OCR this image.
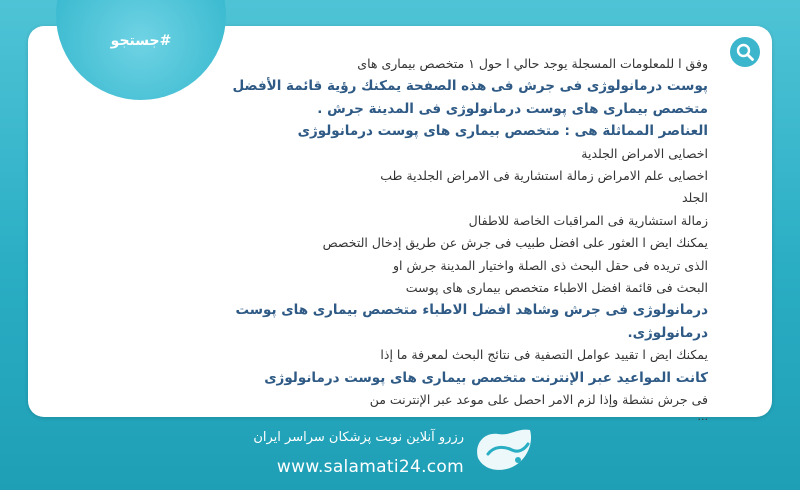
#جستجو
وفق ا للمعلومات المسجلة يوجد حالي ا حول ١ متخصص بيماری های
پوست درمانولوژی فی جرش فی هذه الصفحة يمكنك رؤية قائمة الأفضل
متخصص بيماری های پوست درمانولوژی فی المدينة جرش .
العناصر المماثلة هی : متخصص بيماری های پوست درمانولوژی
اخصايی الامراض الجلدية
اخصايی علم الامراض زمالة استشارية فی الامراض الجلدية طب
الجلد
زمالة استشارية فی المراقبات الخاصة للاطفال
يمكنك ايض ا العثور علی افضل طبيب فی جرش عن طريق إدخال التخصص
الذی تريده فی حقل البحث ذی الصلة واختيار المدينة جرش او
البحث فی قائمة افضل الاطباء متخصص بيماری های پوست
درمانولوژی فی جرش وشاهد افضل الاطباء متخصص بيماری های پوست
درمانولوژی.
يمكنك ايض ا تقييد عوامل التصفية فی نتائج البحث لمعرفة ما إذا
كانت المواعيد عبر الإنترنت متخصص بيماری های پوست درمانولوژی
فی جرش نشطة وإذا لزم الامر احصل علی موعد عبر الإنترنت من
...
رزرو آنلاین نوبت پزشکان سراسر ایران
www.salamati24.com
